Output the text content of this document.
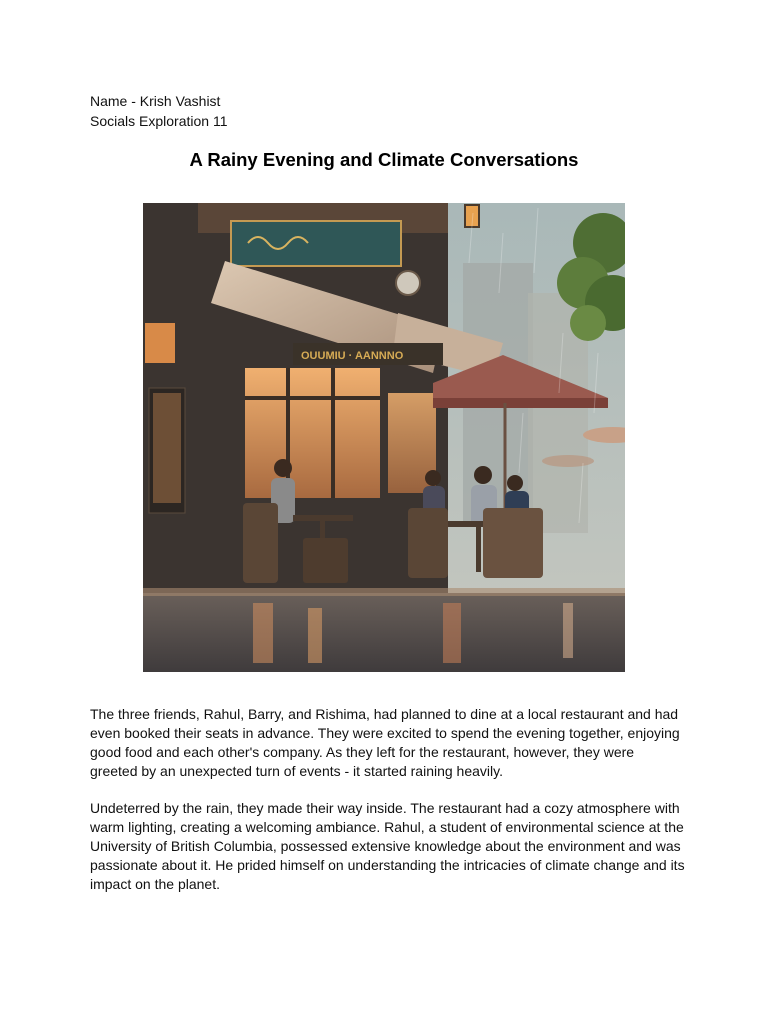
Name - Krish Vashist
Socials Exploration 11
A Rainy Evening and Climate Conversations
OUUMIU · AANNNO
The three friends, Rahul, Barry, and Rishima, had planned to dine at a local restaurant and had
even booked their seats in advance. They were excited to spend the evening together, enjoying
good food and each other's company. As they left for the restaurant, however, they were
greeted by an unexpected turn of events - it started raining heavily.
Undeterred by the rain, they made their way inside. The restaurant had a cozy atmosphere with
warm lighting, creating a welcoming ambiance. Rahul, a student of environmental science at the
University of British Columbia, possessed extensive knowledge about the environment and was
passionate about it. He prided himself on understanding the intricacies of climate change and its
impact on the planet.
